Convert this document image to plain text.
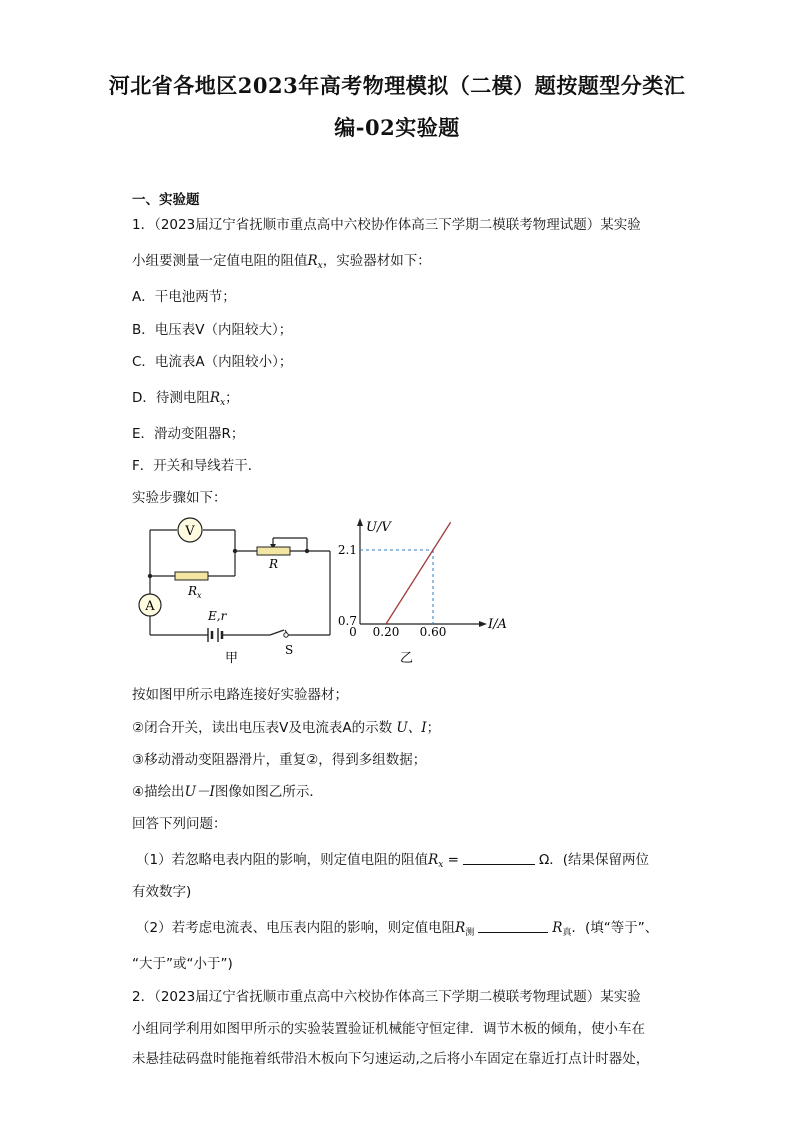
河北省各地区2023年高考物理模拟（二模）题按题型分类汇
编-02实验题
一、实验题
1．（2023届辽宁省抚顺市重点高中六校协作体高三下学期二模联考物理试题）某实验
小组要测量一定值电阻的阻值$R_x$，实验器材如下：
A．干电池两节；
B．电压表V（内阻较大）；
C．电流表A（内阻较小）；
D．待测电阻$R_x$；
E．滑动变阻器R；
F．开关和导线若干．
实验步骤如下：
V
A
$R_x$
R
E,r
S
甲
U/V
I/A
0 0.20 0.60
0.7
2.1
乙
按如图甲所示电路连接好实验器材；
②闭合开关，读出电压表V及电流表A的示数 U、I；
③移动滑动变阻器滑片，重复②，得到多组数据；
④描绘出U－I图像如图乙所示．
回答下列问题：
（1）若忽略电表内阻的影响，则定值电阻的阻值$R_x$ =	Ω．(结果保留两位
有效数字)
（2）若考虑电流表、电压表内阻的影响，则定值电阻$R_测$	$R_真$．(填“等于”、
“大于”或“小于”)
2．（2023届辽宁省抚顺市重点高中六校协作体高三下学期二模联考物理试题）某实验
小组同学利用如图甲所示的实验装置验证机械能守恒定律．调节木板的倾角，使小车在
未悬挂砝码盘时能拖着纸带沿木板向下匀速运动,之后将小车固定在靠近打点计时器处，
